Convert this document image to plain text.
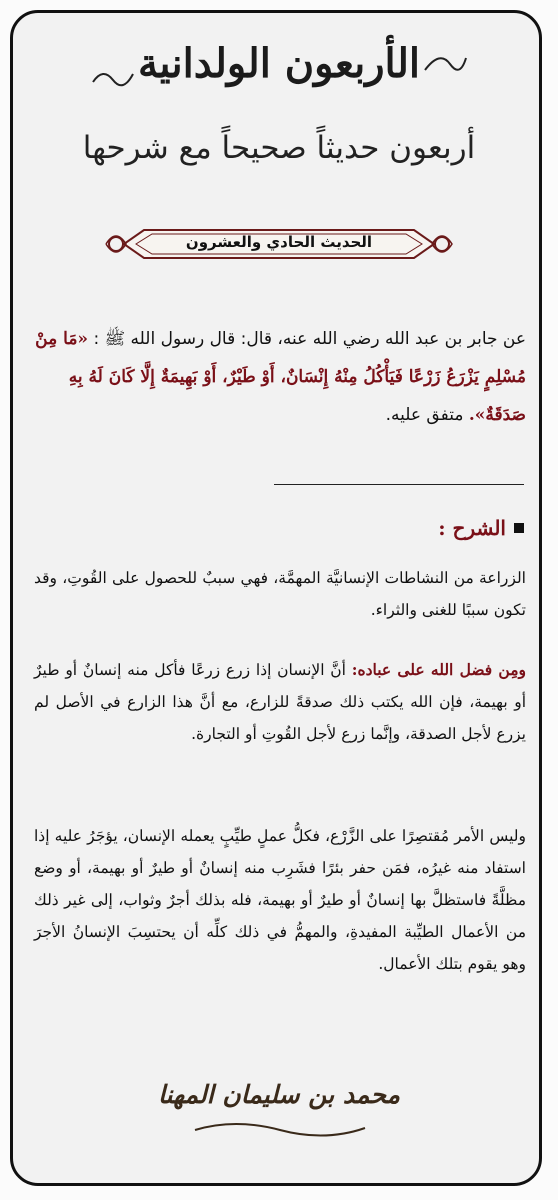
الأربعون الولدانية
أربعون حديثاً صحيحاً مع شرحها
الحديث الحادي والعشرون
عن جابر بن عبد الله رضي الله عنه، قال: قال رسول الله ﷺ : «مَا مِنْ مُسْلِمٍ يَزْرَعُ زَرْعًا فَيَأْكُلُ مِنْهُ إِنْسَانٌ، أَوْ طَيْرٌ، أَوْ بَهِيمَةٌ إِلَّا كَانَ لَهُ بِهِ صَدَقَةٌ». متفق عليه.
الشرح :
الزراعة من النشاطات الإنسانيَّة المهمَّة، فهي سببٌ للحصول على القُوتِ، وقد تكون سببًا للغنى والثراء.
ومِن فضل الله على عباده: أنَّ الإنسان إذا زرع زرعًا فأكل منه إنسانٌ أو طيرٌ أو بهيمة، فإن الله يكتب ذلك صدقةً للزارع، مع أنَّ هذا الزارع في الأصل لم يزرع لأجل الصدقة، وإنَّما زرع لأجل القُوتِ أو التجارة.
وليس الأمر مُقتصِرًا على الزَّرْع، فكلُّ عملٍ طيِّبٍ يعمله الإنسان، يؤجَرُ عليه إذا استفاد منه غيرُه، فمَن حفر بئرًا فشَرِب منه إنسانٌ أو طيرٌ أو بهيمة، أو وضع مظلَّةً فاستظلَّ بها إنسانٌ أو طيرٌ أو بهيمة، فله بذلك أجرٌ وثواب، إلى غير ذلك من الأعمال الطيِّبة المفيدةِ، والمهمُّ في ذلك كلِّه أن يحتسِبَ الإنسانُ الأجرَ وهو يقوم بتلك الأعمال.
محمد بن سليمان المهنا
